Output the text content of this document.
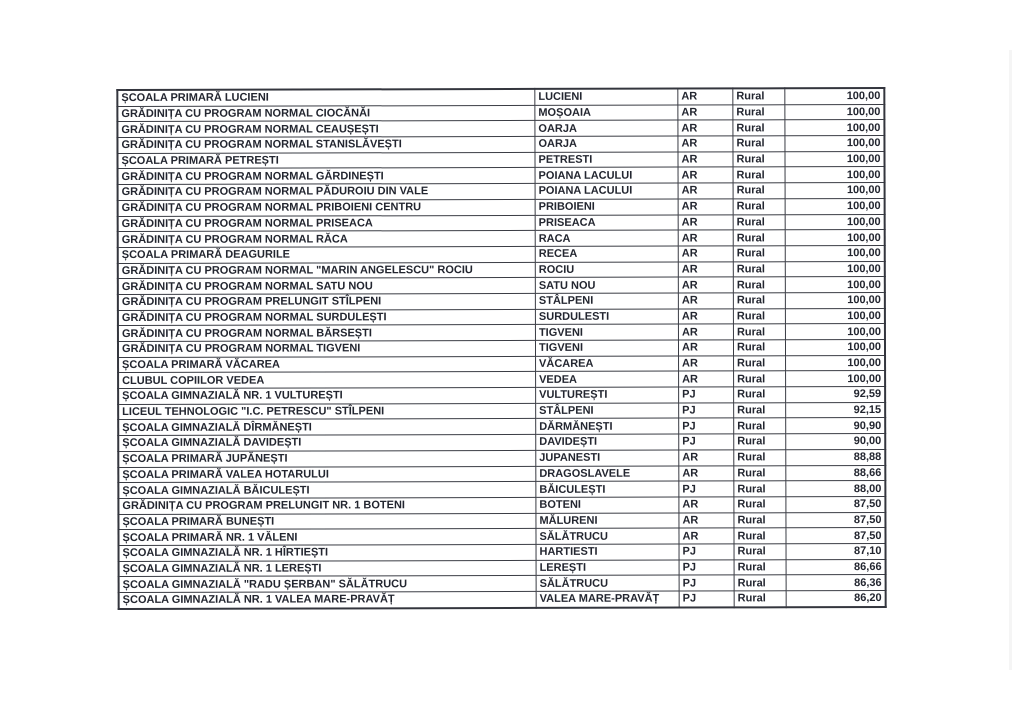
ȘCOALA PRIMARĂ LUCIENI	LUCIENI	AR	Rural	100,00
GRĂDINIȚA CU PROGRAM NORMAL CIOCĂNĂI	MOȘOAIA	AR	Rural	100,00
GRĂDINIȚA CU PROGRAM NORMAL CEAUȘEȘTI	OARJA	AR	Rural	100,00
GRĂDINIȚA CU PROGRAM NORMAL STANISLĂVEȘTI	OARJA	AR	Rural	100,00
ȘCOALA PRIMARĂ PETREȘTI	PETRESTI	AR	Rural	100,00
GRĂDINIȚA CU PROGRAM NORMAL GĂRDINEȘTI	POIANA LACULUI	AR	Rural	100,00
GRĂDINIȚA CU PROGRAM NORMAL PĂDUROIU DIN VALE	POIANA LACULUI	AR	Rural	100,00
GRĂDINIȚA CU PROGRAM NORMAL PRIBOIENI CENTRU	PRIBOIENI	AR	Rural	100,00
GRĂDINIȚA CU PROGRAM NORMAL PRISEACA	PRISEACA	AR	Rural	100,00
GRĂDINIȚA CU PROGRAM NORMAL RĂCA	RACA	AR	Rural	100,00
ȘCOALA PRIMARĂ DEAGURILE	RECEA	AR	Rural	100,00
GRĂDINIȚA CU PROGRAM NORMAL "MARIN ANGELESCU" ROCIU	ROCIU	AR	Rural	100,00
GRĂDINIȚA CU PROGRAM NORMAL SATU NOU	SATU NOU	AR	Rural	100,00
GRĂDINIȚA CU PROGRAM PRELUNGIT STÎLPENI	STÂLPENI	AR	Rural	100,00
GRĂDINIȚA CU PROGRAM NORMAL SURDULEȘTI	SURDULESTI	AR	Rural	100,00
GRĂDINIȚA CU PROGRAM NORMAL BĂRSEȘTI	TIGVENI	AR	Rural	100,00
GRĂDINIȚA CU PROGRAM NORMAL TIGVENI	TIGVENI	AR	Rural	100,00
ȘCOALA PRIMARĂ VĂCAREA	VĂCAREA	AR	Rural	100,00
CLUBUL COPIILOR VEDEA	VEDEA	AR	Rural	100,00
ȘCOALA GIMNAZIALĂ NR. 1 VULTUREȘTI	VULTUREȘTI	PJ	Rural	92,59
LICEUL TEHNOLOGIC "I.C. PETRESCU" STÎLPENI	STÂLPENI	PJ	Rural	92,15
ȘCOALA GIMNAZIALĂ DÎRMĂNEȘTI	DĂRMĂNEȘTI	PJ	Rural	90,90
ȘCOALA GIMNAZIALĂ DAVIDEȘTI	DAVIDEȘTI	PJ	Rural	90,00
ȘCOALA PRIMARĂ JUPĂNEȘTI	JUPANESTI	AR	Rural	88,88
ȘCOALA PRIMARĂ VALEA HOTARULUI	DRAGOSLAVELE	AR	Rural	88,66
ȘCOALA GIMNAZIALĂ BĂICULEȘTI	BĂICULEȘTI	PJ	Rural	88,00
GRĂDINIȚA CU PROGRAM PRELUNGIT NR. 1 BOTENI	BOTENI	AR	Rural	87,50
ȘCOALA PRIMARĂ BUNEȘTI	MĂLURENI	AR	Rural	87,50
ȘCOALA PRIMARĂ NR. 1 VĂLENI	SĂLĂTRUCU	AR	Rural	87,50
ȘCOALA GIMNAZIALĂ NR. 1 HÎRTIEȘTI	HARTIESTI	PJ	Rural	87,10
ȘCOALA GIMNAZIALĂ NR. 1 LEREȘTI	LEREȘTI	PJ	Rural	86,66
ȘCOALA GIMNAZIALĂ "RADU ȘERBAN" SĂLĂTRUCU	SĂLĂTRUCU	PJ	Rural	86,36
ȘCOALA GIMNAZIALĂ NR. 1 VALEA MARE-PRAVĂȚ	VALEA MARE-PRAVĂȚ	PJ	Rural	86,20
